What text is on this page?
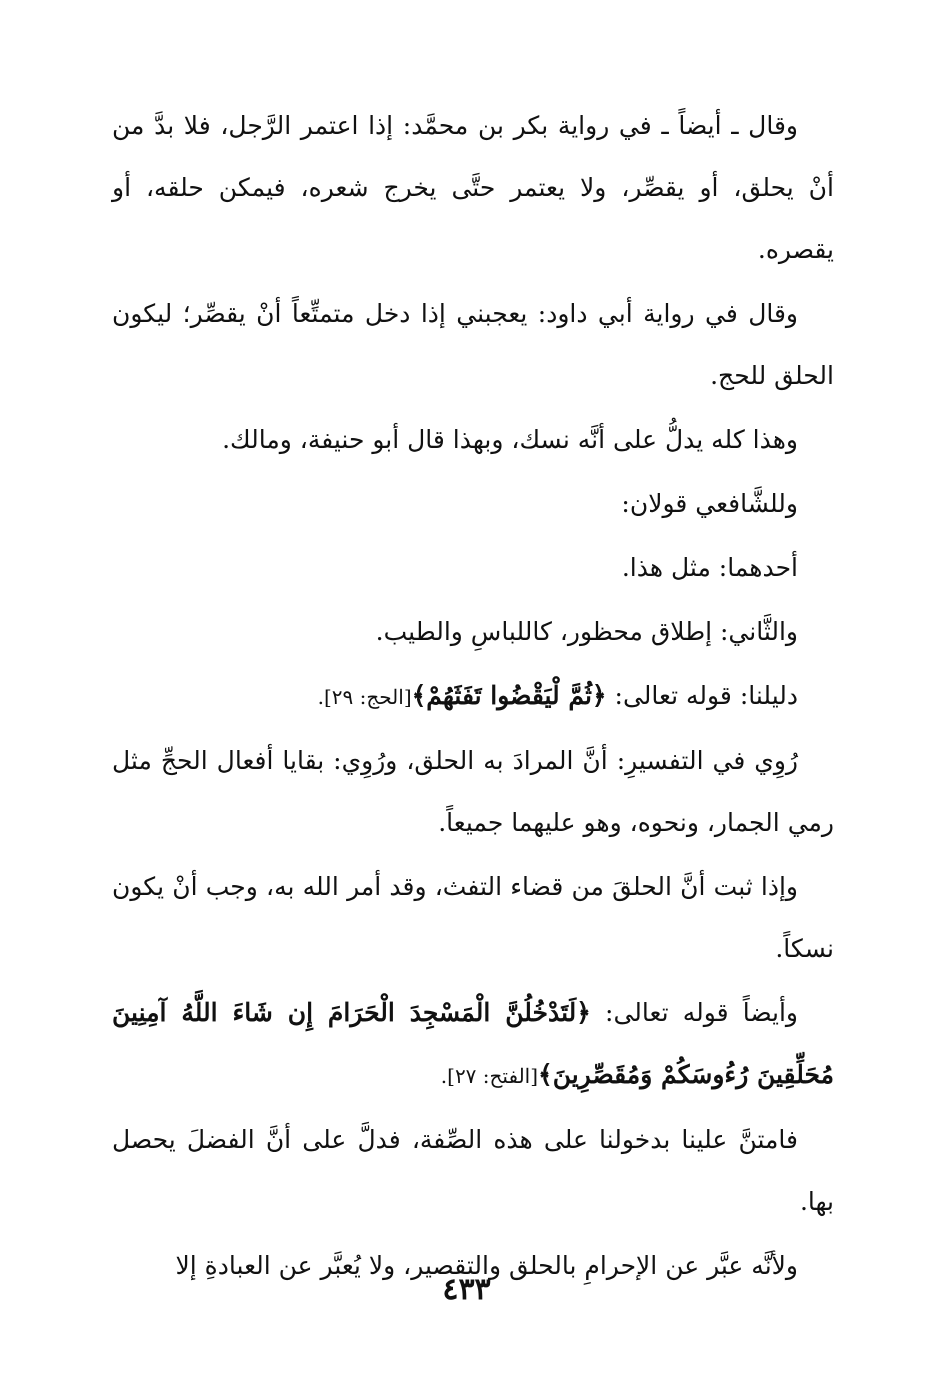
وقال ـ أيضاً ـ في رواية بكر بن محمَّد: إذا اعتمر الرَّجل، فلا بدَّ من أنْ يحلق، أو يقصِّر، ولا يعتمر حتَّى يخرج شعره، فيمكن حلقه، أو يقصره.

وقال في رواية أبي داود: يعجبني إذا دخل متمتِّعاً أنْ يقصِّر؛ ليكون الحلق للحج.

وهذا كله يدلُّ على أنَّه نسك، وبهذا قال أبو حنيفة، ومالك.

وللشَّافعي قولان:

أحدهما: مثل هذا.

والثَّاني: إطلاق محظور، كاللباسِ والطيب.

دليلنا: قوله تعالى: ﴿ثُمَّ لْيَقْضُوا تَفَثَهُمْ﴾[الحج: ٢٩].

رُوِي في التفسيرِ: أنَّ المرادَ به الحلق، ورُوِي: بقايا أفعال الحجِّ مثل رمي الجمار، ونحوه، وهو عليهما جميعاً.

وإذا ثبت أنَّ الحلقَ من قضاء التفث، وقد أمر الله به، وجب أنْ يكون نسكاً.

وأيضاً قوله تعالى: ﴿لَتَدْخُلُنَّ الْمَسْجِدَ الْحَرَامَ إِن شَاءَ اللَّهُ آمِنِينَ مُحَلِّقِينَ رُءُوسَكُمْ وَمُقَصِّرِينَ﴾[الفتح: ٢٧].

فامتنَّ علينا بدخولنا على هذه الصِّفة، فدلَّ على أنَّ الفضلَ يحصل بها.

ولأنَّه عبَّر عن الإحرامِ بالحلق والتقصير، ولا يُعبَّر عن العبادةِ إلا

٤٣٣
